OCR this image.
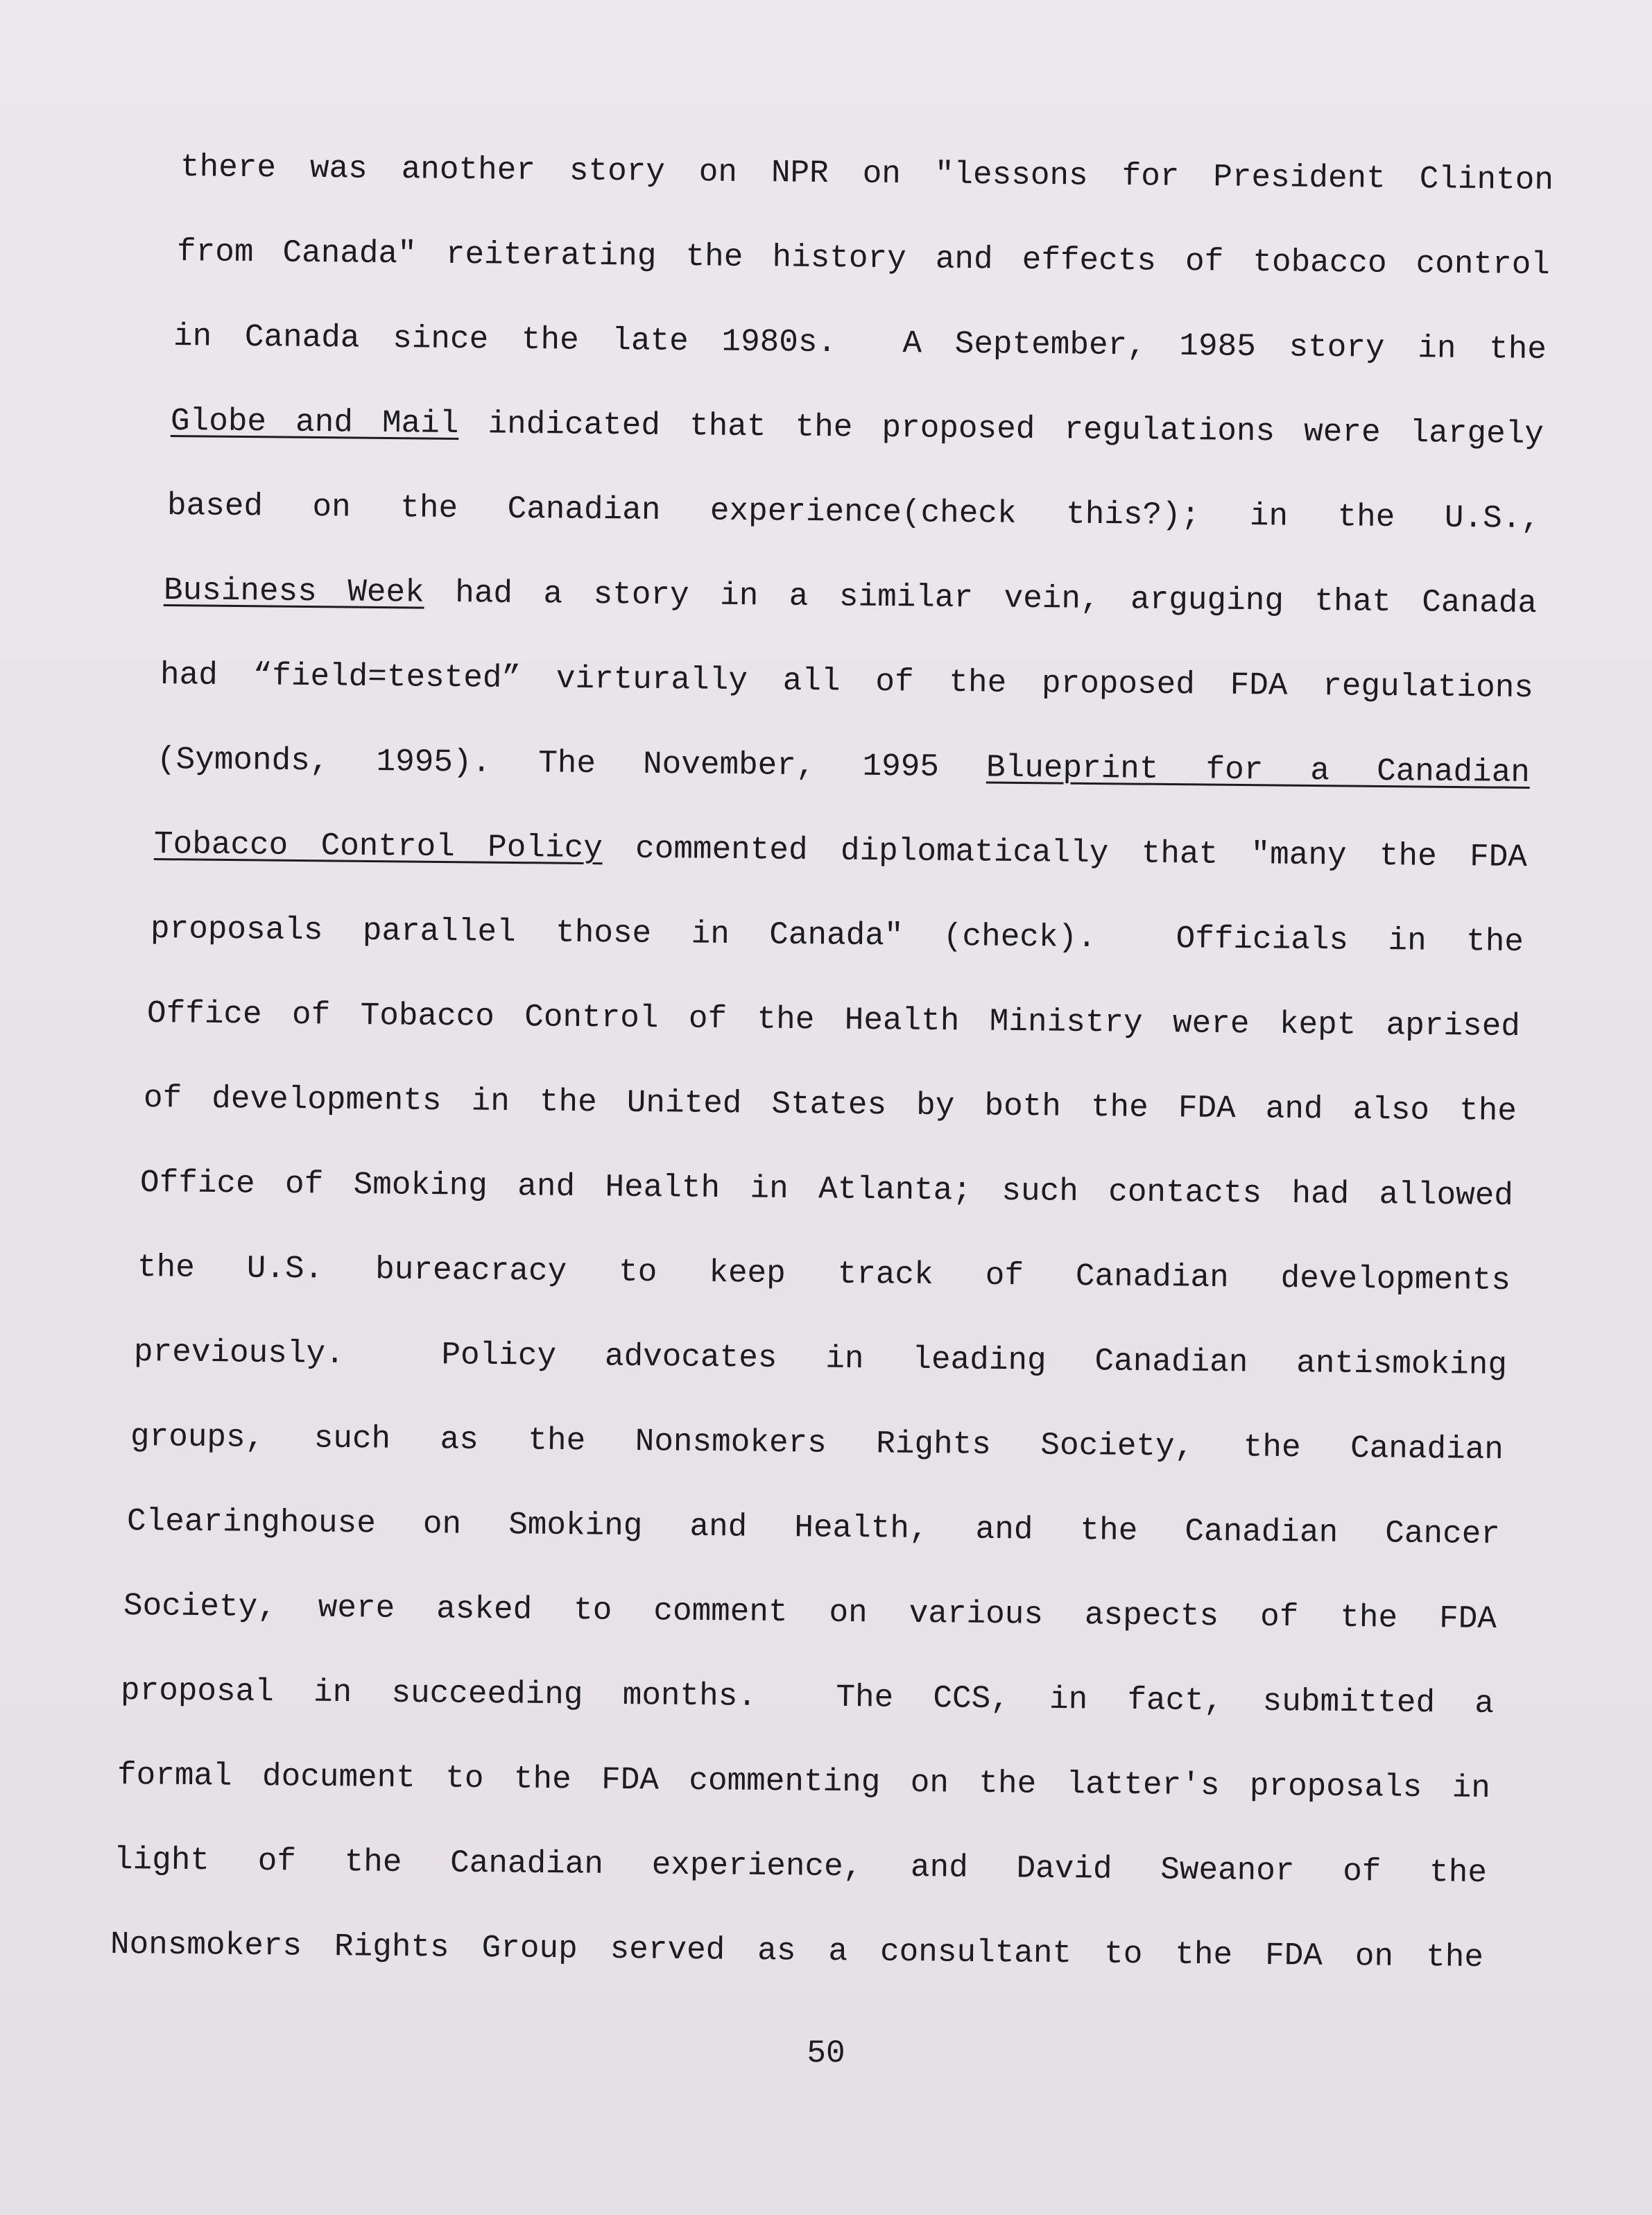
there was another story on NPR on "lessons for President Clinton
from Canada" reiterating the history and effects of tobacco control
in Canada since the late 1980s.  A September, 1985 story in the
Globe and Mail indicated that the proposed regulations were largely
based on the Canadian experience(check this?); in the U.S.,
Business Week had a story in a similar vein, arguging that Canada
had “field=tested” virturally all of the proposed FDA regulations
(Symonds, 1995). The November, 1995 Blueprint for a Canadian
Tobacco Control Policy commented diplomatically that "many the FDA
proposals parallel those in Canada" (check).  Officials in the
Office of Tobacco Control of the Health Ministry were kept aprised
of developments in the United States by both the FDA and also the
Office of Smoking and Health in Atlanta; such contacts had allowed
the U.S. bureacracy to keep track of Canadian developments
previously.  Policy advocates in leading Canadian antismoking
groups, such as the Nonsmokers Rights Society, the Canadian
Clearinghouse on Smoking and Health, and the Canadian Cancer
Society, were asked to comment on various aspects of the FDA
proposal in succeeding months.  The CCS, in fact, submitted a
formal document to the FDA commenting on the latter's proposals in
light of the Canadian experience, and David Sweanor of the
Nonsmokers Rights Group served as a consultant to the FDA on the
50
